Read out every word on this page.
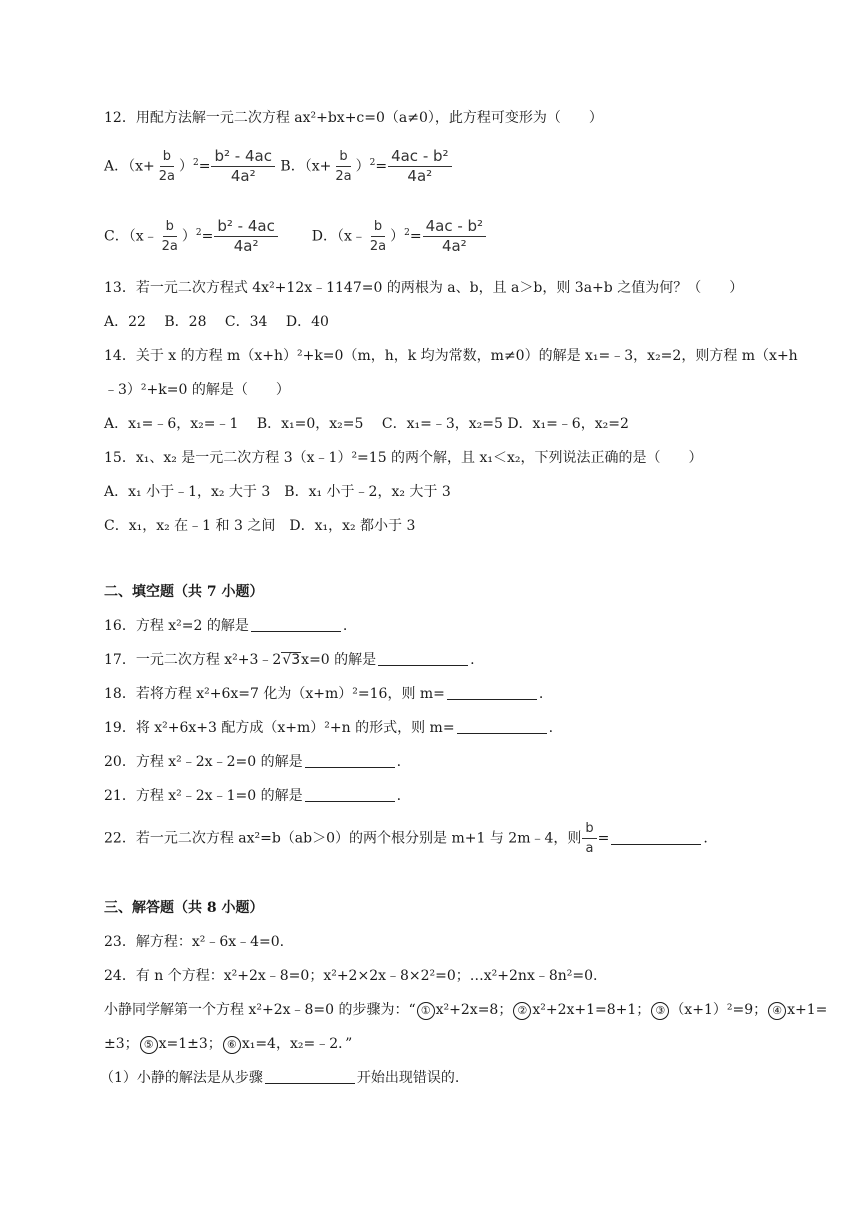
12．用配方法解一元二次方程 ax²+bx+c=0（a≠0），此方程可变形为（　　）
A．$(x+ \frac{b}{2a} )^2= \frac{\text{b² - 4ac}}{\text{4a²}}$ B．$(x+ \frac{b}{2a} )^2= \frac{\text{4ac - b²}}{\text{4a²}}$
C．（x﹣ $\frac{b}{2a} )^2= \frac{\text{b² - 4ac}}{\text{4a²}}$ D．（x﹣ $\frac{b}{2a} )^2= \frac{\text{4ac - b²}}{\text{4a²}}$
13．若一元二次方程式 4x²+12x﹣1147=0 的两根为 a、b，且 a＞b，则 3a+b 之值为何？（　　）
A．22　 B．28　 C．34　 D．40
14．关于 x 的方程 m（x+h）²+k=0（m，h，k 均为常数，m≠0）的解是 x₁=﹣3，x₂=2，则方程 m（x+h
﹣3）²+k=0 的解是（　　）
A．x₁=﹣6，x₂=﹣1　 B．x₁=0，x₂=5　 C．x₁=﹣3，x₂=5 D．x₁=﹣6，x₂=2
15．x₁、x₂ 是一元二次方程 3（x﹣1）²=15 的两个解，且 x₁＜x₂，下列说法正确的是（　　）
A．x₁ 小于﹣1，x₂ 大于 3　B．x₁ 小于﹣2，x₂ 大于 3
C．x₁，x₂ 在﹣1 和 3 之间　D．x₁，x₂ 都小于 3
二、填空题（共 7 小题）
16．方程 x²=2 的解是	.
17．一元二次方程 x²+3﹣2√3x=0 的解是	.
18．若将方程 x²+6x=7 化为（x+m）²=16，则 m=	.
19．将 x²+6x+3 配方成（x+m）²+n 的形式，则 m=	.
20．方程 x²﹣2x﹣2=0 的解是	.
21．方程 x²﹣2x﹣1=0 的解是	.
22．若一元二次方程 ax²=b（ab＞0）的两个根分别是 m+1 与 2m﹣4，则 $\frac{b}{a}$ =	.
三、解答题（共 8 小题）
23．解方程：x²﹣6x﹣4=0.
24．有 n 个方程：x²+2x﹣8=0；x²+2×2x﹣8×2²=0；…x²+2nx﹣8n²=0.
小静同学解第一个方程 x²+2x﹣8=0 的步骤为：“ ① x²+2x=8； ② x²+2x+1=8+1； ③ （x+1）²=9； ④ x+1=
±3； ⑤ x=1±3； ⑥ x₁=4，x₂=﹣2．”
（1）小静的解法是从步骤	开始出现错误的.
